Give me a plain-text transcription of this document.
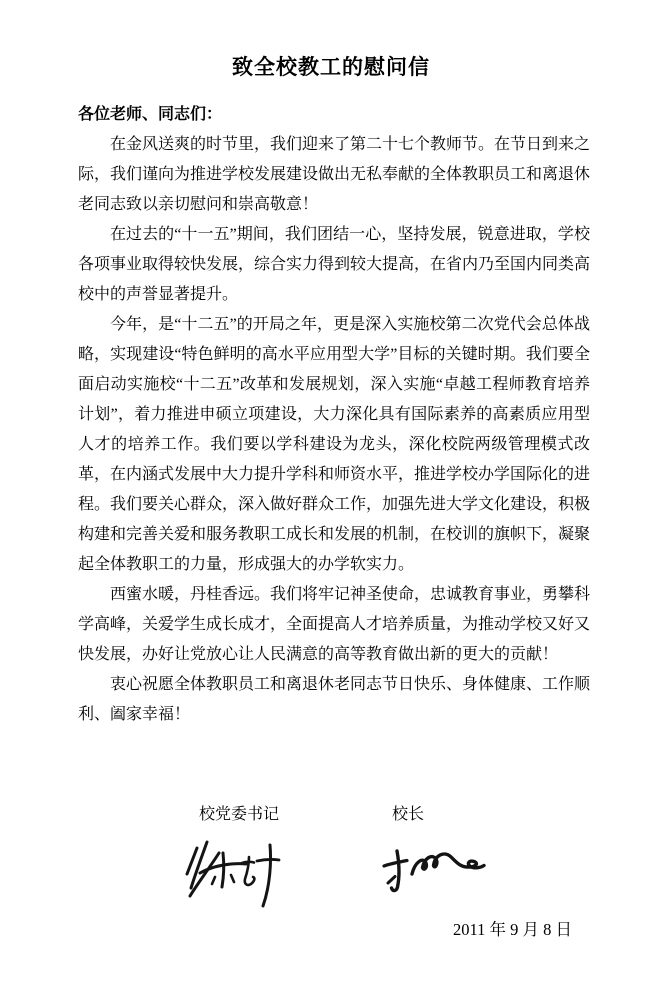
致全校教工的慰问信

各位老师、同志们：

在金风送爽的时节里，我们迎来了第二十七个教师节。在节日到来之际，我们谨向为推进学校发展建设做出无私奉献的全体教职员工和离退休老同志致以亲切慰问和崇高敬意！

在过去的“十一五”期间，我们团结一心，坚持发展，锐意进取，学校各项事业取得较快发展，综合实力得到较大提高，在省内乃至国内同类高校中的声誉显著提升。

今年，是“十二五”的开局之年，更是深入实施校第二次党代会总体战略，实现建设“特色鲜明的高水平应用型大学”目标的关键时期。我们要全面启动实施校“十二五”改革和发展规划，深入实施“卓越工程师教育培养计划”，着力推进申硕立项建设，大力深化具有国际素养的高素质应用型人才的培养工作。我们要以学科建设为龙头，深化校院两级管理模式改革，在内涵式发展中大力提升学科和师资水平，推进学校办学国际化的进程。我们要关心群众，深入做好群众工作，加强先进大学文化建设，积极构建和完善关爱和服务教职工成长和发展的机制，在校训的旗帜下，凝聚起全体教职工的力量，形成强大的办学软实力。

西蜜水暖，丹桂香远。我们将牢记神圣使命，忠诚教育事业，勇攀科学高峰，关爱学生成长成才，全面提高人才培养质量，为推动学校又好又快发展，办好让党放心让人民满意的高等教育做出新的更大的贡献！

衷心祝愿全体教职员工和离退休老同志节日快乐、身体健康、工作顺利、阖家幸福！

校党委书记	校长
2011 年 9 月 8 日
